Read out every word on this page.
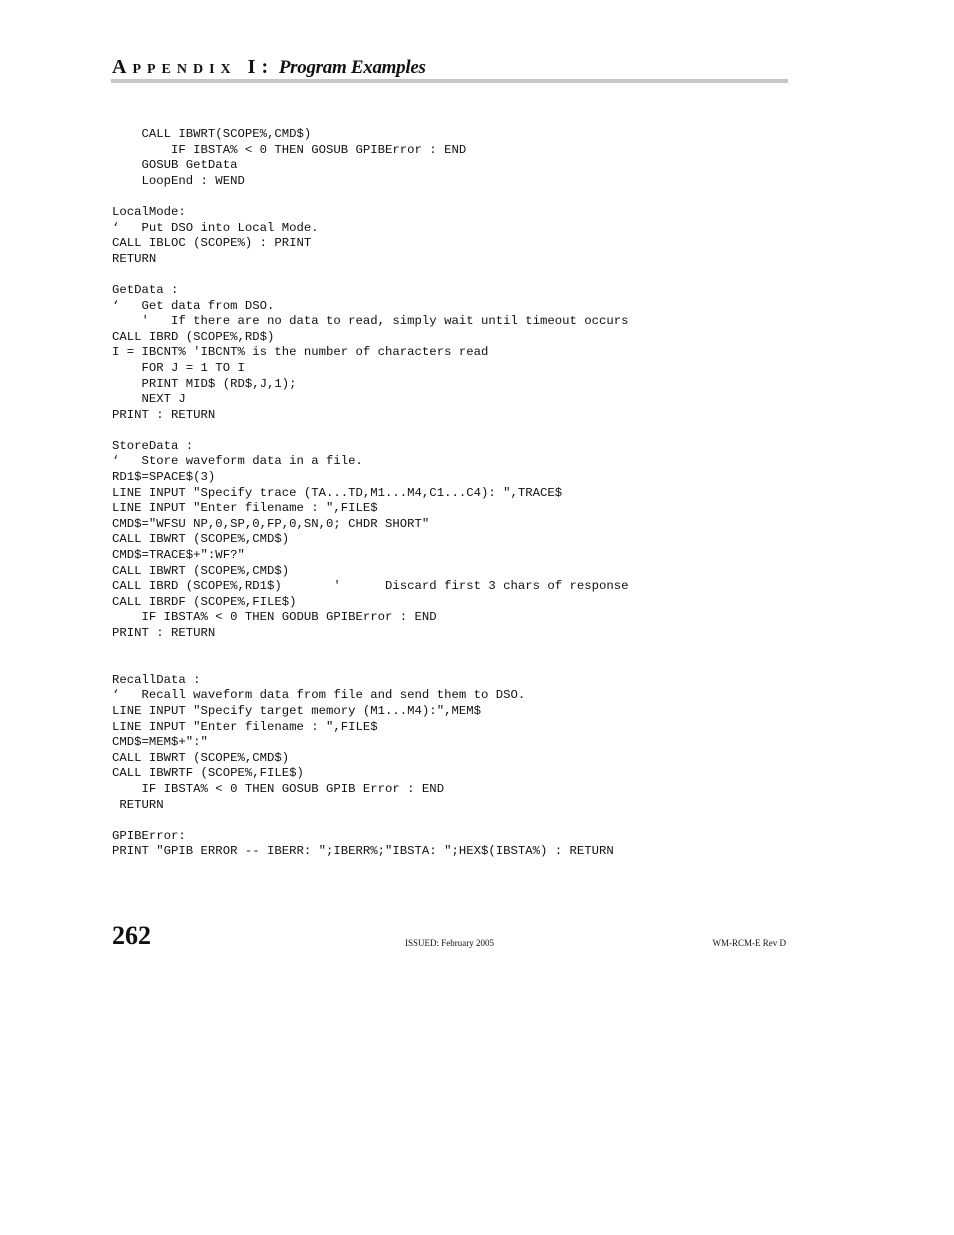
Appendix I: Program Examples
CALL IBWRT(SCOPE%,CMD$)
IF IBSTA% < 0 THEN GOSUB GPIBError : END
GOSUB GetData
LoopEnd : WEND
LocalMode:
‘   Put DSO into Local Mode.
CALL IBLOC (SCOPE%) : PRINT
RETURN
GetData :
‘   Get data from DSO.
'   If there are no data to read, simply wait until timeout occurs
CALL IBRD (SCOPE%,RD$)
I = IBCNT% 'IBCNT% is the number of characters read
FOR J = 1 TO I
PRINT MID$ (RD$,J,1);
NEXT J
PRINT : RETURN
StoreData :
‘   Store waveform data in a file.
RD1$=SPACE$(3)
LINE INPUT "Specify trace (TA...TD,M1...M4,C1...C4): ",TRACE$
LINE INPUT "Enter filename : ",FILE$
CMD$="WFSU NP,0,SP,0,FP,0,SN,0; CHDR SHORT"
CALL IBWRT (SCOPE%,CMD$)
CMD$=TRACE$+":WF?"
CALL IBWRT (SCOPE%,CMD$)
CALL IBRD (SCOPE%,RD1$)       '      Discard first 3 chars of response
CALL IBRDF (SCOPE%,FILE$)
IF IBSTA% < 0 THEN GODUB GPIBError : END
PRINT : RETURN
RecallData :
‘   Recall waveform data from file and send them to DSO.
LINE INPUT "Specify target memory (M1...M4):",MEM$
LINE INPUT "Enter filename : ",FILE$
CMD$=MEM$+":"
CALL IBWRT (SCOPE%,CMD$)
CALL IBWRTF (SCOPE%,FILE$)
IF IBSTA% < 0 THEN GOSUB GPIB Error : END
RETURN
GPIBError:
PRINT "GPIB ERROR -- IBERR: ";IBERR%;"IBSTA: ";HEX$(IBSTA%) : RETURN
262	ISSUED: February 2005	WM-RCM-E Rev D
